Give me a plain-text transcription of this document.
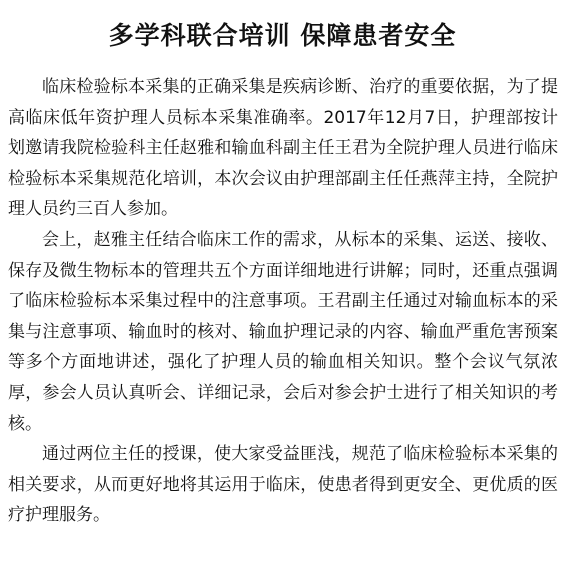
多学科联合培训 保障患者安全

临床检验标本采集的正确采集是疾病诊断、治疗的重要依据，为了提高临床低年资护理人员标本采集准确率。2017年12月7日，护理部按计划邀请我院检验科主任赵雅和输血科副主任王君为全院护理人员进行临床检验标本采集规范化培训，本次会议由护理部副主任任燕萍主持，全院护理人员约三百人参加。

会上，赵雅主任结合临床工作的需求，从标本的采集、运送、接收、保存及微生物标本的管理共五个方面详细地进行讲解；同时，还重点强调了临床检验标本采集过程中的注意事项。王君副主任通过对输血标本的采集与注意事项、输血时的核对、输血护理记录的内容、输血严重危害预案等多个方面地讲述，强化了护理人员的输血相关知识。整个会议气氛浓厚，参会人员认真听会、详细记录，会后对参会护士进行了相关知识的考核。

通过两位主任的授课，使大家受益匪浅，规范了临床检验标本采集的相关要求，从而更好地将其运用于临床，使患者得到更安全、更优质的医疗护理服务。
